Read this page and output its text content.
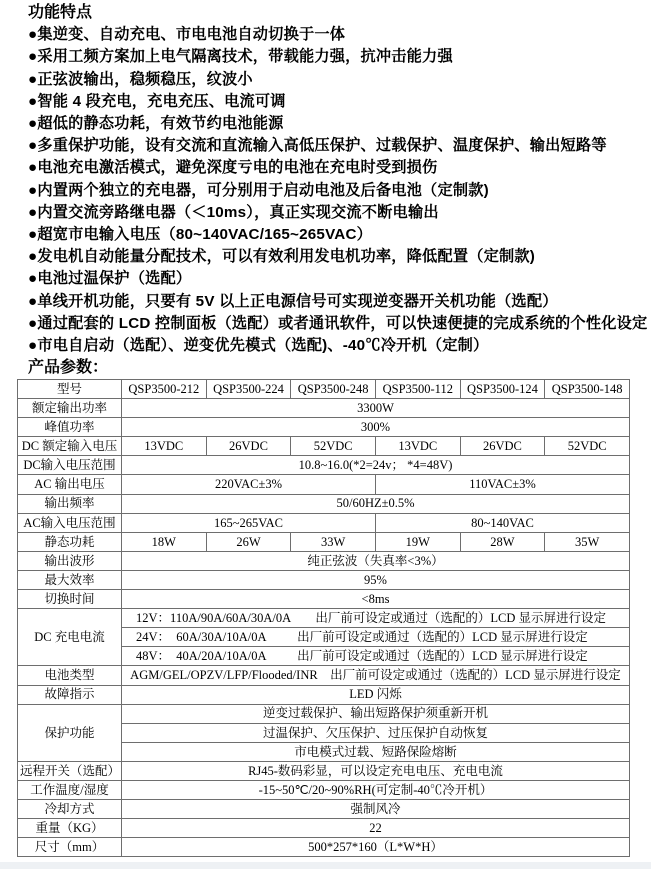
功能特点
●集逆变、自动充电、市电电池自动切换于一体
●采用工频方案加上电气隔离技术，带载能力强，抗冲击能力强
●正弦波输出，稳频稳压，纹波小
●智能 4 段充电，充电充压、电流可调
●超低的静态功耗，有效节约电池能源
●多重保护功能，设有交流和直流输入高低压保护、过载保护、温度保护、输出短路等
●电池充电激活模式，避免深度亏电的电池在充电时受到损伤
●内置两个独立的充电器，可分别用于启动电池及后备电池（定制款)
●内置交流旁路继电器（＜10ms），真正实现交流不断电输出
●超宽市电输入电压（80~140VAC/165~265VAC）
●发电机自动能量分配技术，可以有效利用发电机功率，降低配置（定制款)
●电池过温保护（选配）
●单线开机功能，只要有 5V 以上正电源信号可实现逆变器开关机功能（选配）
●通过配套的 LCD 控制面板（选配）或者通讯软件，可以快速便捷的完成系统的个性化设定
●市电自启动（选配）、逆变优先模式（选配)、-40℃冷开机（定制）
产品参数：
型号	QSP3500-212	QSP3500-224	QSP3500-248	QSP3500-112	QSP3500-124	QSP3500-148
额定输出功率	3300W					
峰值功率	300%					
DC 额定输入电压	13VDC	26VDC	52VDC	13VDC	26VDC	52VDC
DC输入电压范围	10.8~16.0(*2=24v； *4=48V)					
AC 输出电压	220VAC±3%			110VAC±3%		
输出频率	50/60HZ±0.5%					
AC输入电压范围	165~265VAC			80~140VAC		
静态功耗	18W	26W	33W	19W	28W	35W
输出波形	纯正弦波（失真率<3%）					
最大效率	95%					
切换时间	<8ms					
DC 充电电流	12V：110A/90A/60A/30A/0A　　出厂前可设定或通过（选配的）LCD 显示屏进行设定					
	24V：  60A/30A/10A/0A　　  出厂前可设定或通过（选配的）LCD 显示屏进行设定					
	48V：  40A/20A/10A/0A　　  出厂前可设定或通过（选配的）LCD 显示屏进行设定					
电池类型	AGM/GEL/OPZV/LFP/Flooded/INR　出厂前可设定或通过（选配的）LCD 显示屏进行设定					
故障指示	LED 闪烁					
保护功能	逆变过载保护、输出短路保护须重新开机					
	过温保护、欠压保护、过压保护自动恢复					
	市电模式过载、短路保险熔断					
远程开关（选配）	RJ45-数码彩显，可以设定充电电压、充电电流					
工作温度/湿度	-15~50℃/20~90%RH(可定制-40℃冷开机）					
冷却方式	强制风冷					
重量（KG）	22					
尺寸（mm）	500*257*160（L*W*H）					
